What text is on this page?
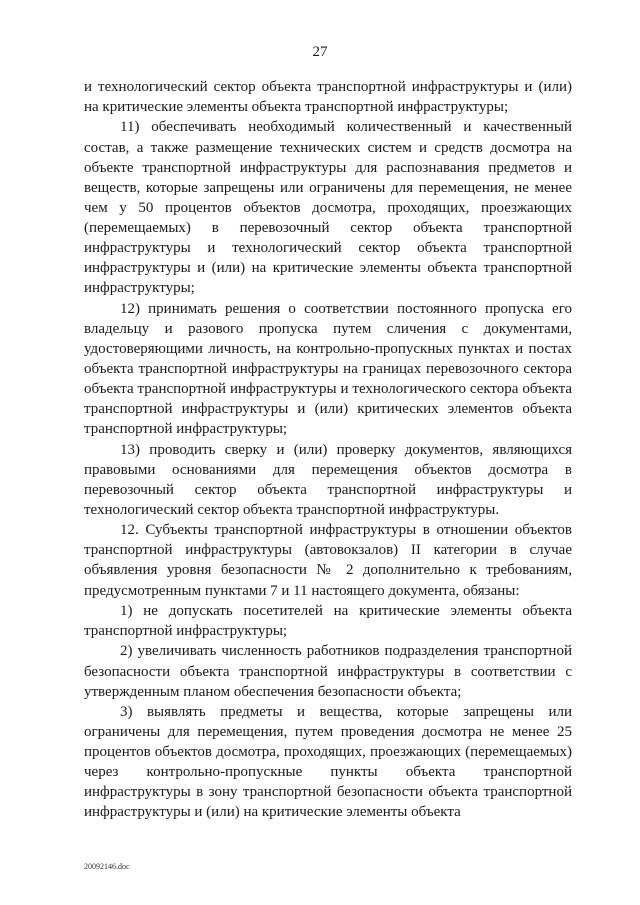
27

и технологический сектор объекта транспортной инфраструктуры и (или) на критические элементы объекта транспортной инфраструктуры;

11) обеспечивать необходимый количественный и качественный состав, а также размещение технических систем и средств досмотра на объекте транспортной инфраструктуры для распознавания предметов и веществ, которые запрещены или ограничены для перемещения, не менее чем у 50 процентов объектов досмотра, проходящих, проезжающих (перемещаемых) в перевозочный сектор объекта транспортной инфраструктуры и технологический сектор объекта транспортной инфраструктуры и (или) на критические элементы объекта транспортной инфраструктуры;

12) принимать решения о соответствии постоянного пропуска его владельцу и разового пропуска путем сличения с документами, удостоверяющими личность, на контрольно-пропускных пунктах и постах объекта транспортной инфраструктуры на границах перевозочного сектора объекта транспортной инфраструктуры и технологического сектора объекта транспортной инфраструктуры и (или) критических элементов объекта транспортной инфраструктуры;

13) проводить сверку и (или) проверку документов, являющихся правовыми основаниями для перемещения объектов досмотра в перевозочный сектор объекта транспортной инфраструктуры и технологический сектор объекта транспортной инфраструктуры.

12. Субъекты транспортной инфраструктуры в отношении объектов транспортной инфраструктуры (автовокзалов) II категории в случае объявления уровня безопасности № 2 дополнительно к требованиям, предусмотренным пунктами 7 и 11 настоящего документа, обязаны:

1) не допускать посетителей на критические элементы объекта транспортной инфраструктуры;

2) увеличивать численность работников подразделения транспортной безопасности объекта транспортной инфраструктуры в соответствии с утвержденным планом обеспечения безопасности объекта;

3) выявлять предметы и вещества, которые запрещены или ограничены для перемещения, путем проведения досмотра не менее 25 процентов объектов досмотра, проходящих, проезжающих (перемещаемых) через контрольно-пропускные пункты объекта транспортной инфраструктуры в зону транспортной безопасности объекта транспортной инфраструктуры и (или) на критические элементы объекта

20092146.doc
